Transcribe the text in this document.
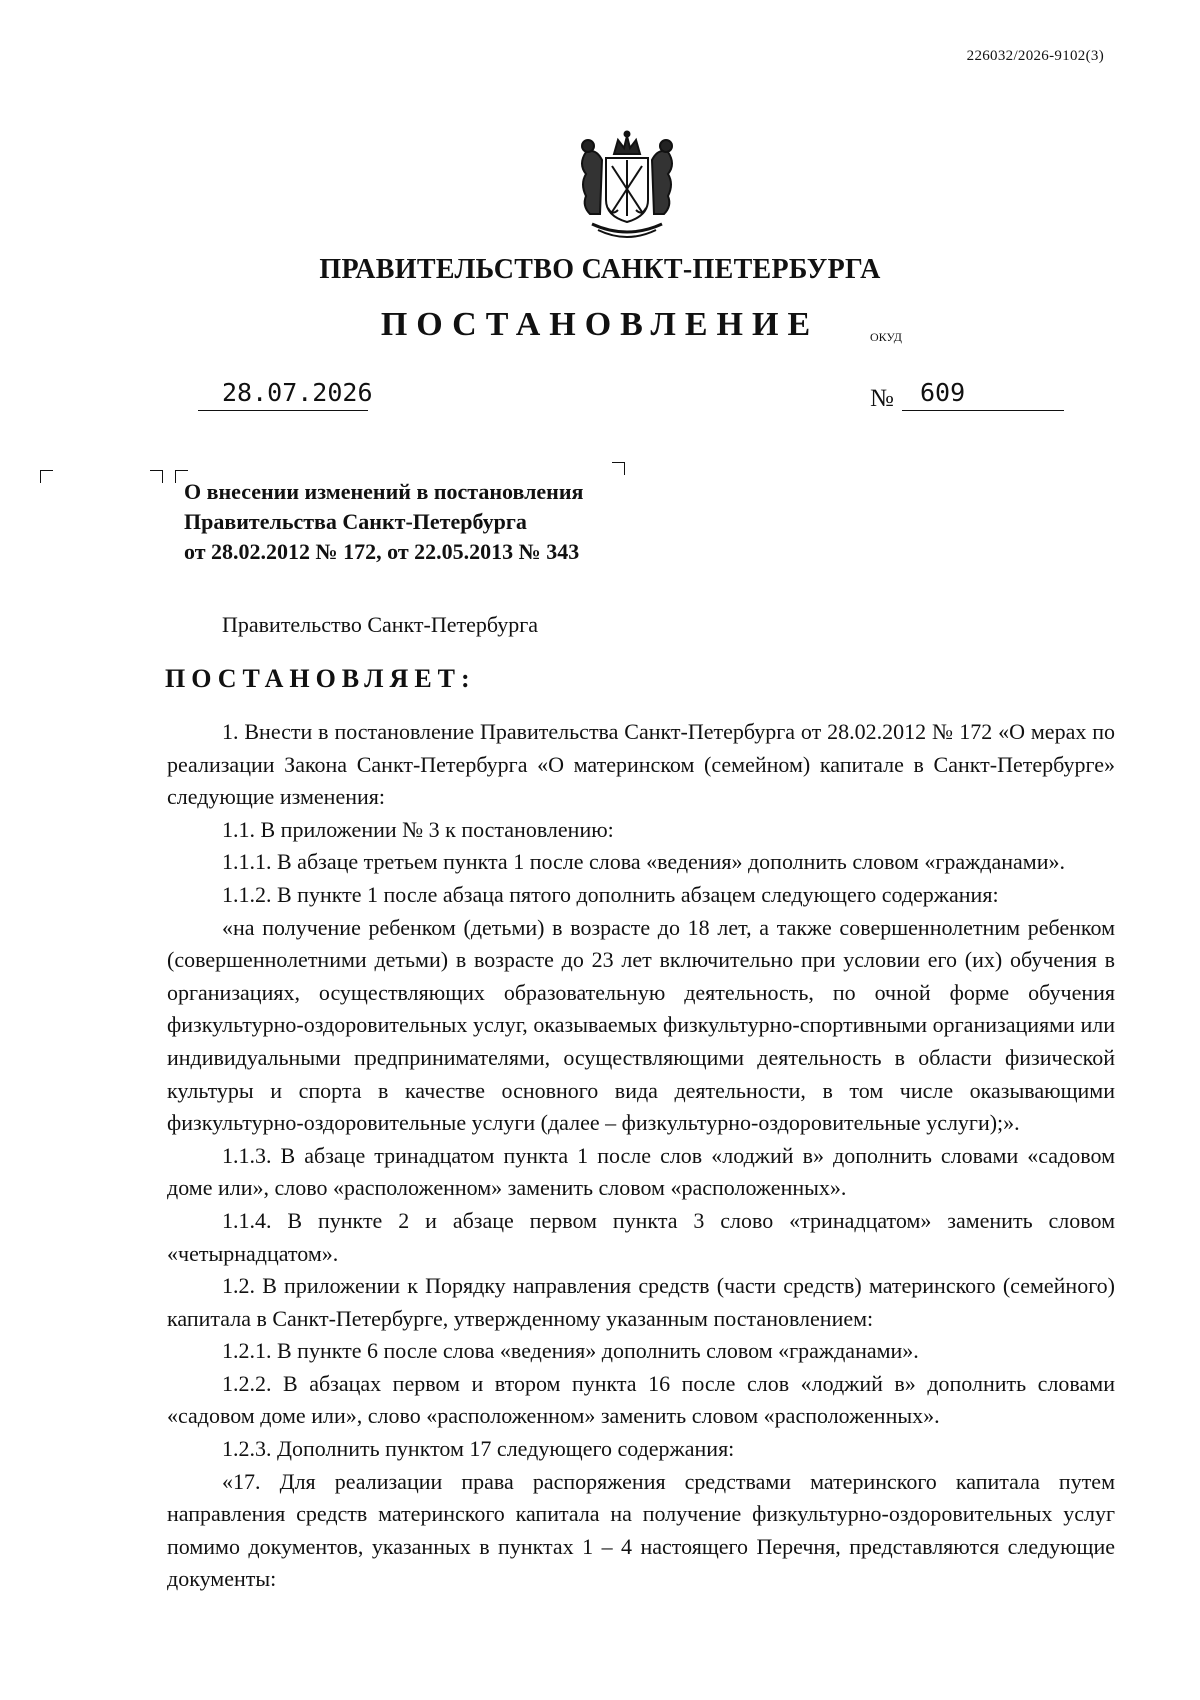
226032/2026-9102(3)
ПРАВИТЕЛЬСТВО САНКТ-ПЕТЕРБУРГА
ПОСТАНОВЛЕНИЕ	ОКУД
28.07.2026	№ 609
О внесении изменений в постановления
Правительства Санкт-Петербурга
от 28.02.2012 № 172, от 22.05.2013 № 343
Правительство Санкт-Петербурга
ПОСТАНОВЛЯЕТ:

1. Внести в постановление Правительства Санкт-Петербурга от 28.02.2012 № 172 «О мерах по реализации Закона Санкт-Петербурга «О материнском (семейном) капитале в Санкт-Петербурге» следующие изменения:

1.1. В приложении № 3 к постановлению:

1.1.1. В абзаце третьем пункта 1 после слова «ведения» дополнить словом «гражданами».

1.1.2. В пункте 1 после абзаца пятого дополнить абзацем следующего содержания:

«на получение ребенком (детьми) в возрасте до 18 лет, а также совершеннолетним ребенком (совершеннолетними детьми) в возрасте до 23 лет включительно при условии его (их) обучения в организациях, осуществляющих образовательную деятельность, по очной форме обучения физкультурно-оздоровительных услуг, оказываемых физкультурно-спортивными организациями или индивидуальными предпринимателями, осуществляющими деятельность в области физической культуры и спорта в качестве основного вида деятельности, в том числе оказывающими физкультурно-оздоровительные услуги (далее – физкультурно-оздоровительные услуги);».

1.1.3. В абзаце тринадцатом пункта 1 после слов «лоджий в» дополнить словами «садовом доме или», слово «расположенном» заменить словом «расположенных».

1.1.4. В пункте 2 и абзаце первом пункта 3 слово «тринадцатом» заменить словом «четырнадцатом».

1.2. В приложении к Порядку направления средств (части средств) материнского (семейного) капитала в Санкт-Петербурге, утвержденному указанным постановлением:

1.2.1. В пункте 6 после слова «ведения» дополнить словом «гражданами».

1.2.2. В абзацах первом и втором пункта 16 после слов «лоджий в» дополнить словами «садовом доме или», слово «расположенном» заменить словом «расположенных».

1.2.3. Дополнить пунктом 17 следующего содержания:

«17. Для реализации права распоряжения средствами материнского капитала путем направления средств материнского капитала на получение физкультурно-оздоровительных услуг помимо документов, указанных в пунктах 1 – 4 настоящего Перечня, представляются следующие документы:
